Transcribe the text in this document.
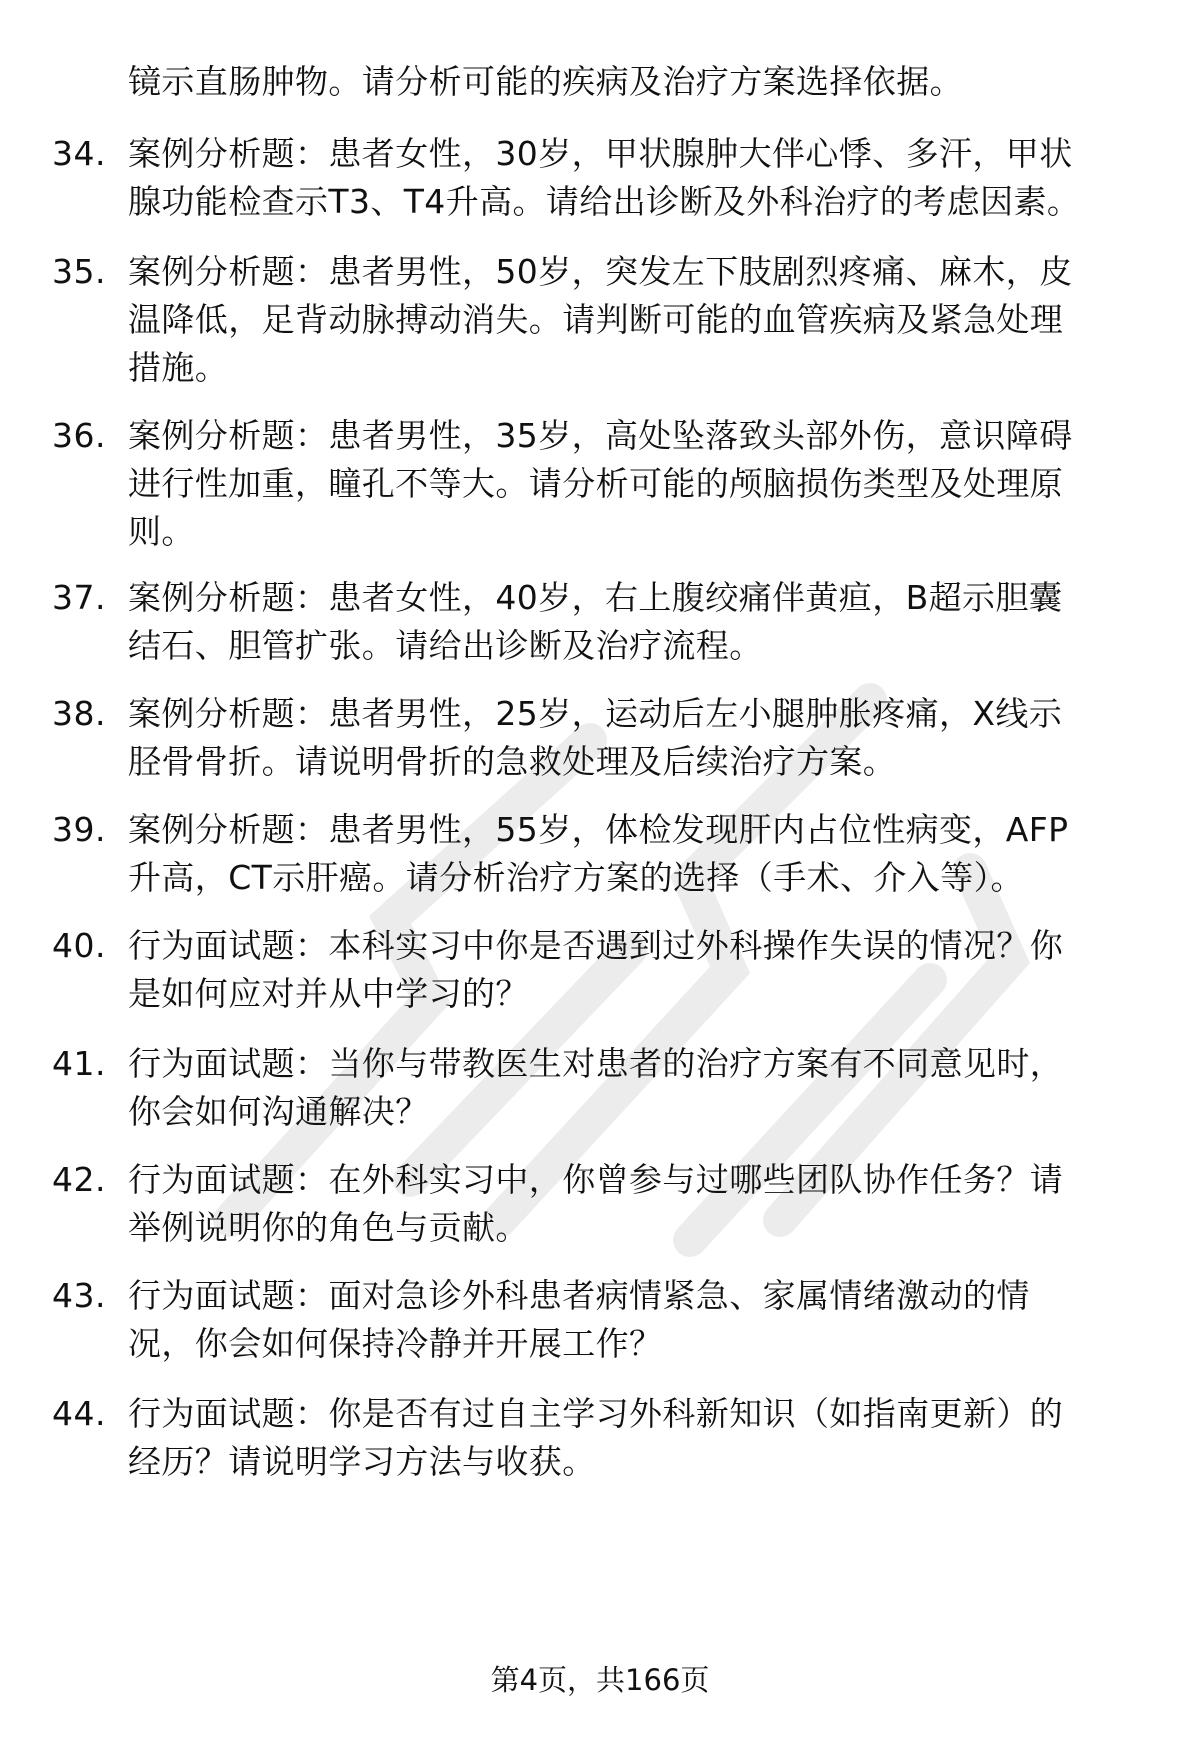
镜示直肠肿物。请分析可能的疾病及治疗方案选择依据。
34. 案例分析题：患者女性，30岁，甲状腺肿大伴心悸、多汗，甲状
腺功能检查示T3、T4升高。请给出诊断及外科治疗的考虑因素。
35. 案例分析题：患者男性，50岁，突发左下肢剧烈疼痛、麻木，皮
温降低，足背动脉搏动消失。请判断可能的血管疾病及紧急处理
措施。
36. 案例分析题：患者男性，35岁，高处坠落致头部外伤，意识障碍
进行性加重，瞳孔不等大。请分析可能的颅脑损伤类型及处理原
则。
37. 案例分析题：患者女性，40岁，右上腹绞痛伴黄疸，B超示胆囊
结石、胆管扩张。请给出诊断及治疗流程。
38. 案例分析题：患者男性，25岁，运动后左小腿肿胀疼痛，X线示
胫骨骨折。请说明骨折的急救处理及后续治疗方案。
39. 案例分析题：患者男性，55岁，体检发现肝内占位性病变，AFP
升高，CT示肝癌。请分析治疗方案的选择（手术、介入等）。
40. 行为面试题：本科实习中你是否遇到过外科操作失误的情况？你
是如何应对并从中学习的？
41. 行为面试题：当你与带教医生对患者的治疗方案有不同意见时，
你会如何沟通解决？
42. 行为面试题：在外科实习中，你曾参与过哪些团队协作任务？请
举例说明你的角色与贡献。
43. 行为面试题：面对急诊外科患者病情紧急、家属情绪激动的情
况，你会如何保持冷静并开展工作？
44. 行为面试题：你是否有过自主学习外科新知识（如指南更新）的
经历？请说明学习方法与收获。
第4页，共166页
